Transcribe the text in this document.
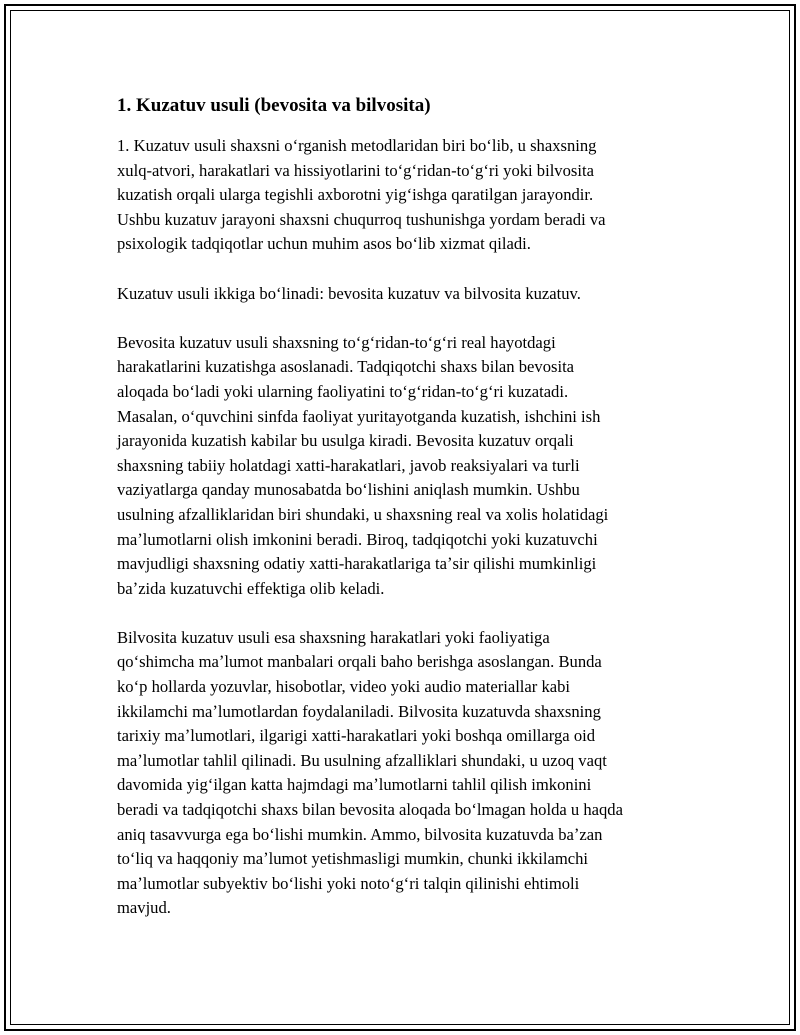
1. Kuzatuv usuli (bevosita va bilvosita)
1. Kuzatuv usuli shaxsni oʻrganish metodlaridan biri boʻlib, u shaxsning
xulq-atvori, harakatlari va hissiyotlarini toʻgʻridan-toʻgʻri yoki bilvosita
kuzatish orqali ularga tegishli axborotni yigʻishga qaratilgan jarayondir.
Ushbu kuzatuv jarayoni shaxsni chuqurroq tushunishga yordam beradi va
psixologik tadqiqotlar uchun muhim asos boʻlib xizmat qiladi.
Kuzatuv usuli ikkiga boʻlinadi: bevosita kuzatuv va bilvosita kuzatuv.
Bevosita kuzatuv usuli shaxsning toʻgʻridan-toʻgʻri real hayotdagi
harakatlarini kuzatishga asoslanadi. Tadqiqotchi shaxs bilan bevosita
aloqada boʻladi yoki ularning faoliyatini toʻgʻridan-toʻgʻri kuzatadi.
Masalan, oʻquvchini sinfda faoliyat yuritayotganda kuzatish, ishchini ish
jarayonida kuzatish kabilar bu usulga kiradi. Bevosita kuzatuv orqali
shaxsning tabiiy holatdagi xatti-harakatlari, javob reaksiyalari va turli
vaziyatlarga qanday munosabatda boʻlishini aniqlash mumkin. Ushbu
usulning afzalliklaridan biri shundaki, u shaxsning real va xolis holatidagi
maʼlumotlarni olish imkonini beradi. Biroq, tadqiqotchi yoki kuzatuvchi
mavjudligi shaxsning odatiy xatti-harakatlariga taʼsir qilishi mumkinligi
baʼzida kuzatuvchi effektiga olib keladi.
Bilvosita kuzatuv usuli esa shaxsning harakatlari yoki faoliyatiga
qoʻshimcha maʼlumot manbalari orqali baho berishga asoslangan. Bunda
koʻp hollarda yozuvlar, hisobotlar, video yoki audio materiallar kabi
ikkilamchi maʼlumotlardan foydalaniladi. Bilvosita kuzatuvda shaxsning
tarixiy maʼlumotlari, ilgarigi xatti-harakatlari yoki boshqa omillarga oid
maʼlumotlar tahlil qilinadi. Bu usulning afzalliklari shundaki, u uzoq vaqt
davomida yigʻilgan katta hajmdagi maʼlumotlarni tahlil qilish imkonini
beradi va tadqiqotchi shaxs bilan bevosita aloqada boʻlmagan holda u haqda
aniq tasavvurga ega boʻlishi mumkin. Ammo, bilvosita kuzatuvda baʼzan
toʻliq va haqqoniy maʼlumot yetishmasligi mumkin, chunki ikkilamchi
maʼlumotlar subyektiv boʻlishi yoki notoʻgʻri talqin qilinishi ehtimoli
mavjud.
